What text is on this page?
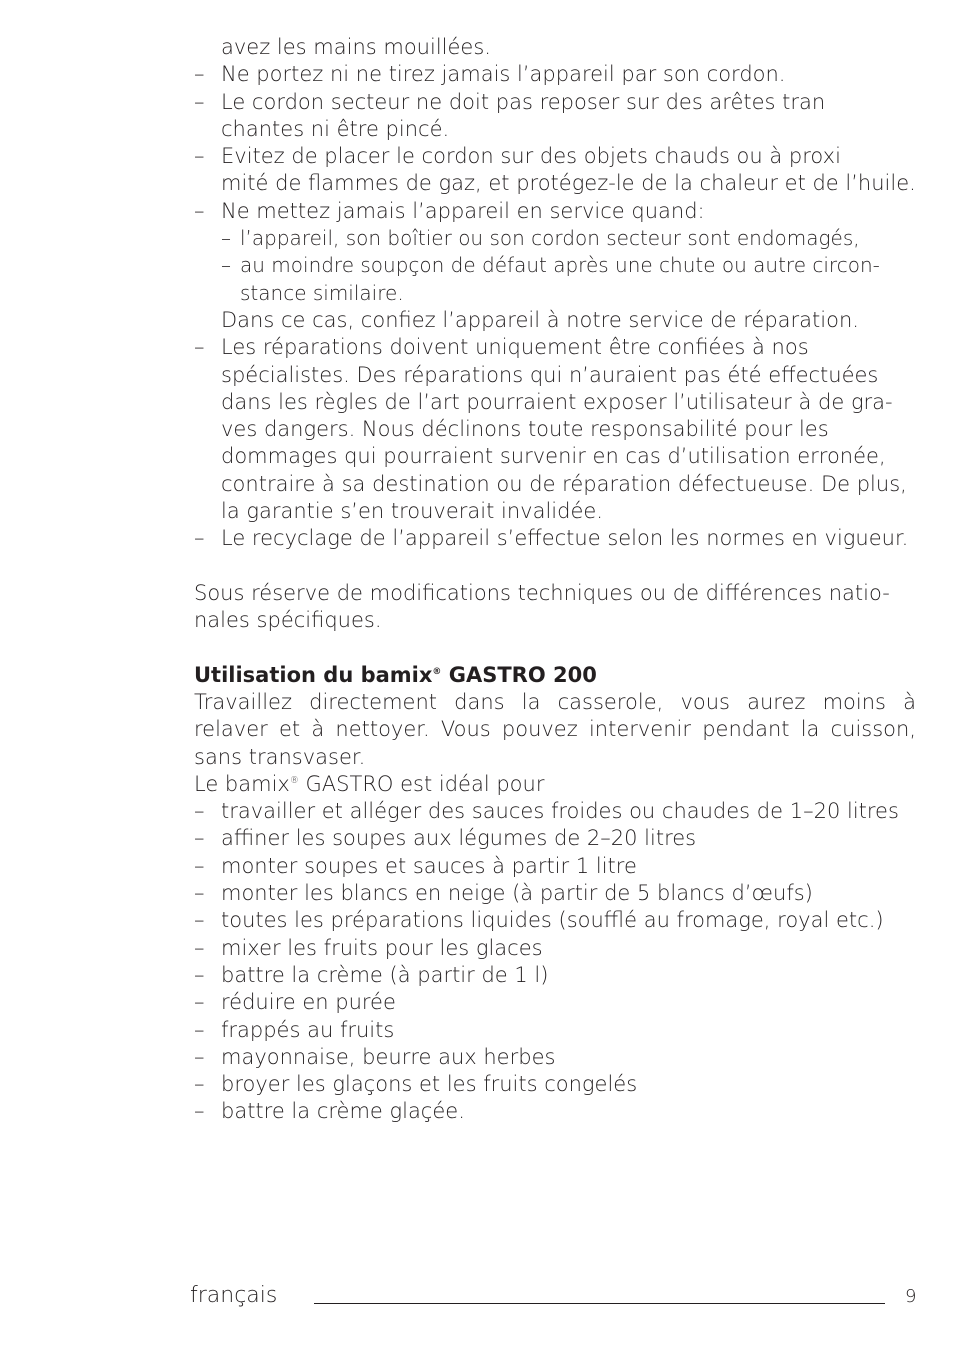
avez les mains mouillées.
– Ne portez ni ne tirez jamais l’appareil par son cordon.
– Le cordon secteur ne doit pas reposer sur des arêtes tran
chantes ni être pincé.
– Evitez de placer le cordon sur des objets chauds ou à proxi
mité de flammes de gaz, et protégez-le de la chaleur et de l’huile.
– Ne mettez jamais l’appareil en service quand:
– l’appareil, son boîtier ou son cordon secteur sont endomagés,
– au moindre soupçon de défaut après une chute ou autre circon-
stance similaire.
Dans ce cas, confiez l’appareil à notre service de réparation.
– Les réparations doivent uniquement être confiées à nos
spécialistes. Des réparations qui n’auraient pas été effectuées
dans les règles de l’art pourraient exposer l’utilisateur à de gra-
ves dangers. Nous déclinons toute responsabilité pour les
dommages qui pourraient survenir en cas d’utilisation erronée,
contraire à sa destination ou de réparation défectueuse. De plus,
la garantie s’en trouverait invalidée.
– Le recyclage de l’appareil s’effectue selon les normes en vigueur.
Sous réserve de modifications techniques ou de différences natio-
nales spécifiques.
Utilisation du bamix® GASTRO 200
Travaillez directement dans la casserole, vous aurez moins à
relaver et à nettoyer. Vous pouvez intervenir pendant la cuisson,
sans transvaser.
Le bamix® GASTRO est idéal pour
– travailler et alléger des sauces froides ou chaudes de 1–20 litres
– affiner les soupes aux légumes de 2–20 litres
– monter soupes et sauces à partir 1 litre
– monter les blancs en neige (à partir de 5 blancs d’œufs)
– toutes les préparations liquides (soufflé au fromage, royal etc.)
– mixer les fruits pour les glaces
– battre la crème (à partir de 1 l)
– réduire en purée
– frappés au fruits
– mayonnaise, beurre aux herbes
– broyer les glaçons et les fruits congelés
– battre la crème glaçée.
français	9
